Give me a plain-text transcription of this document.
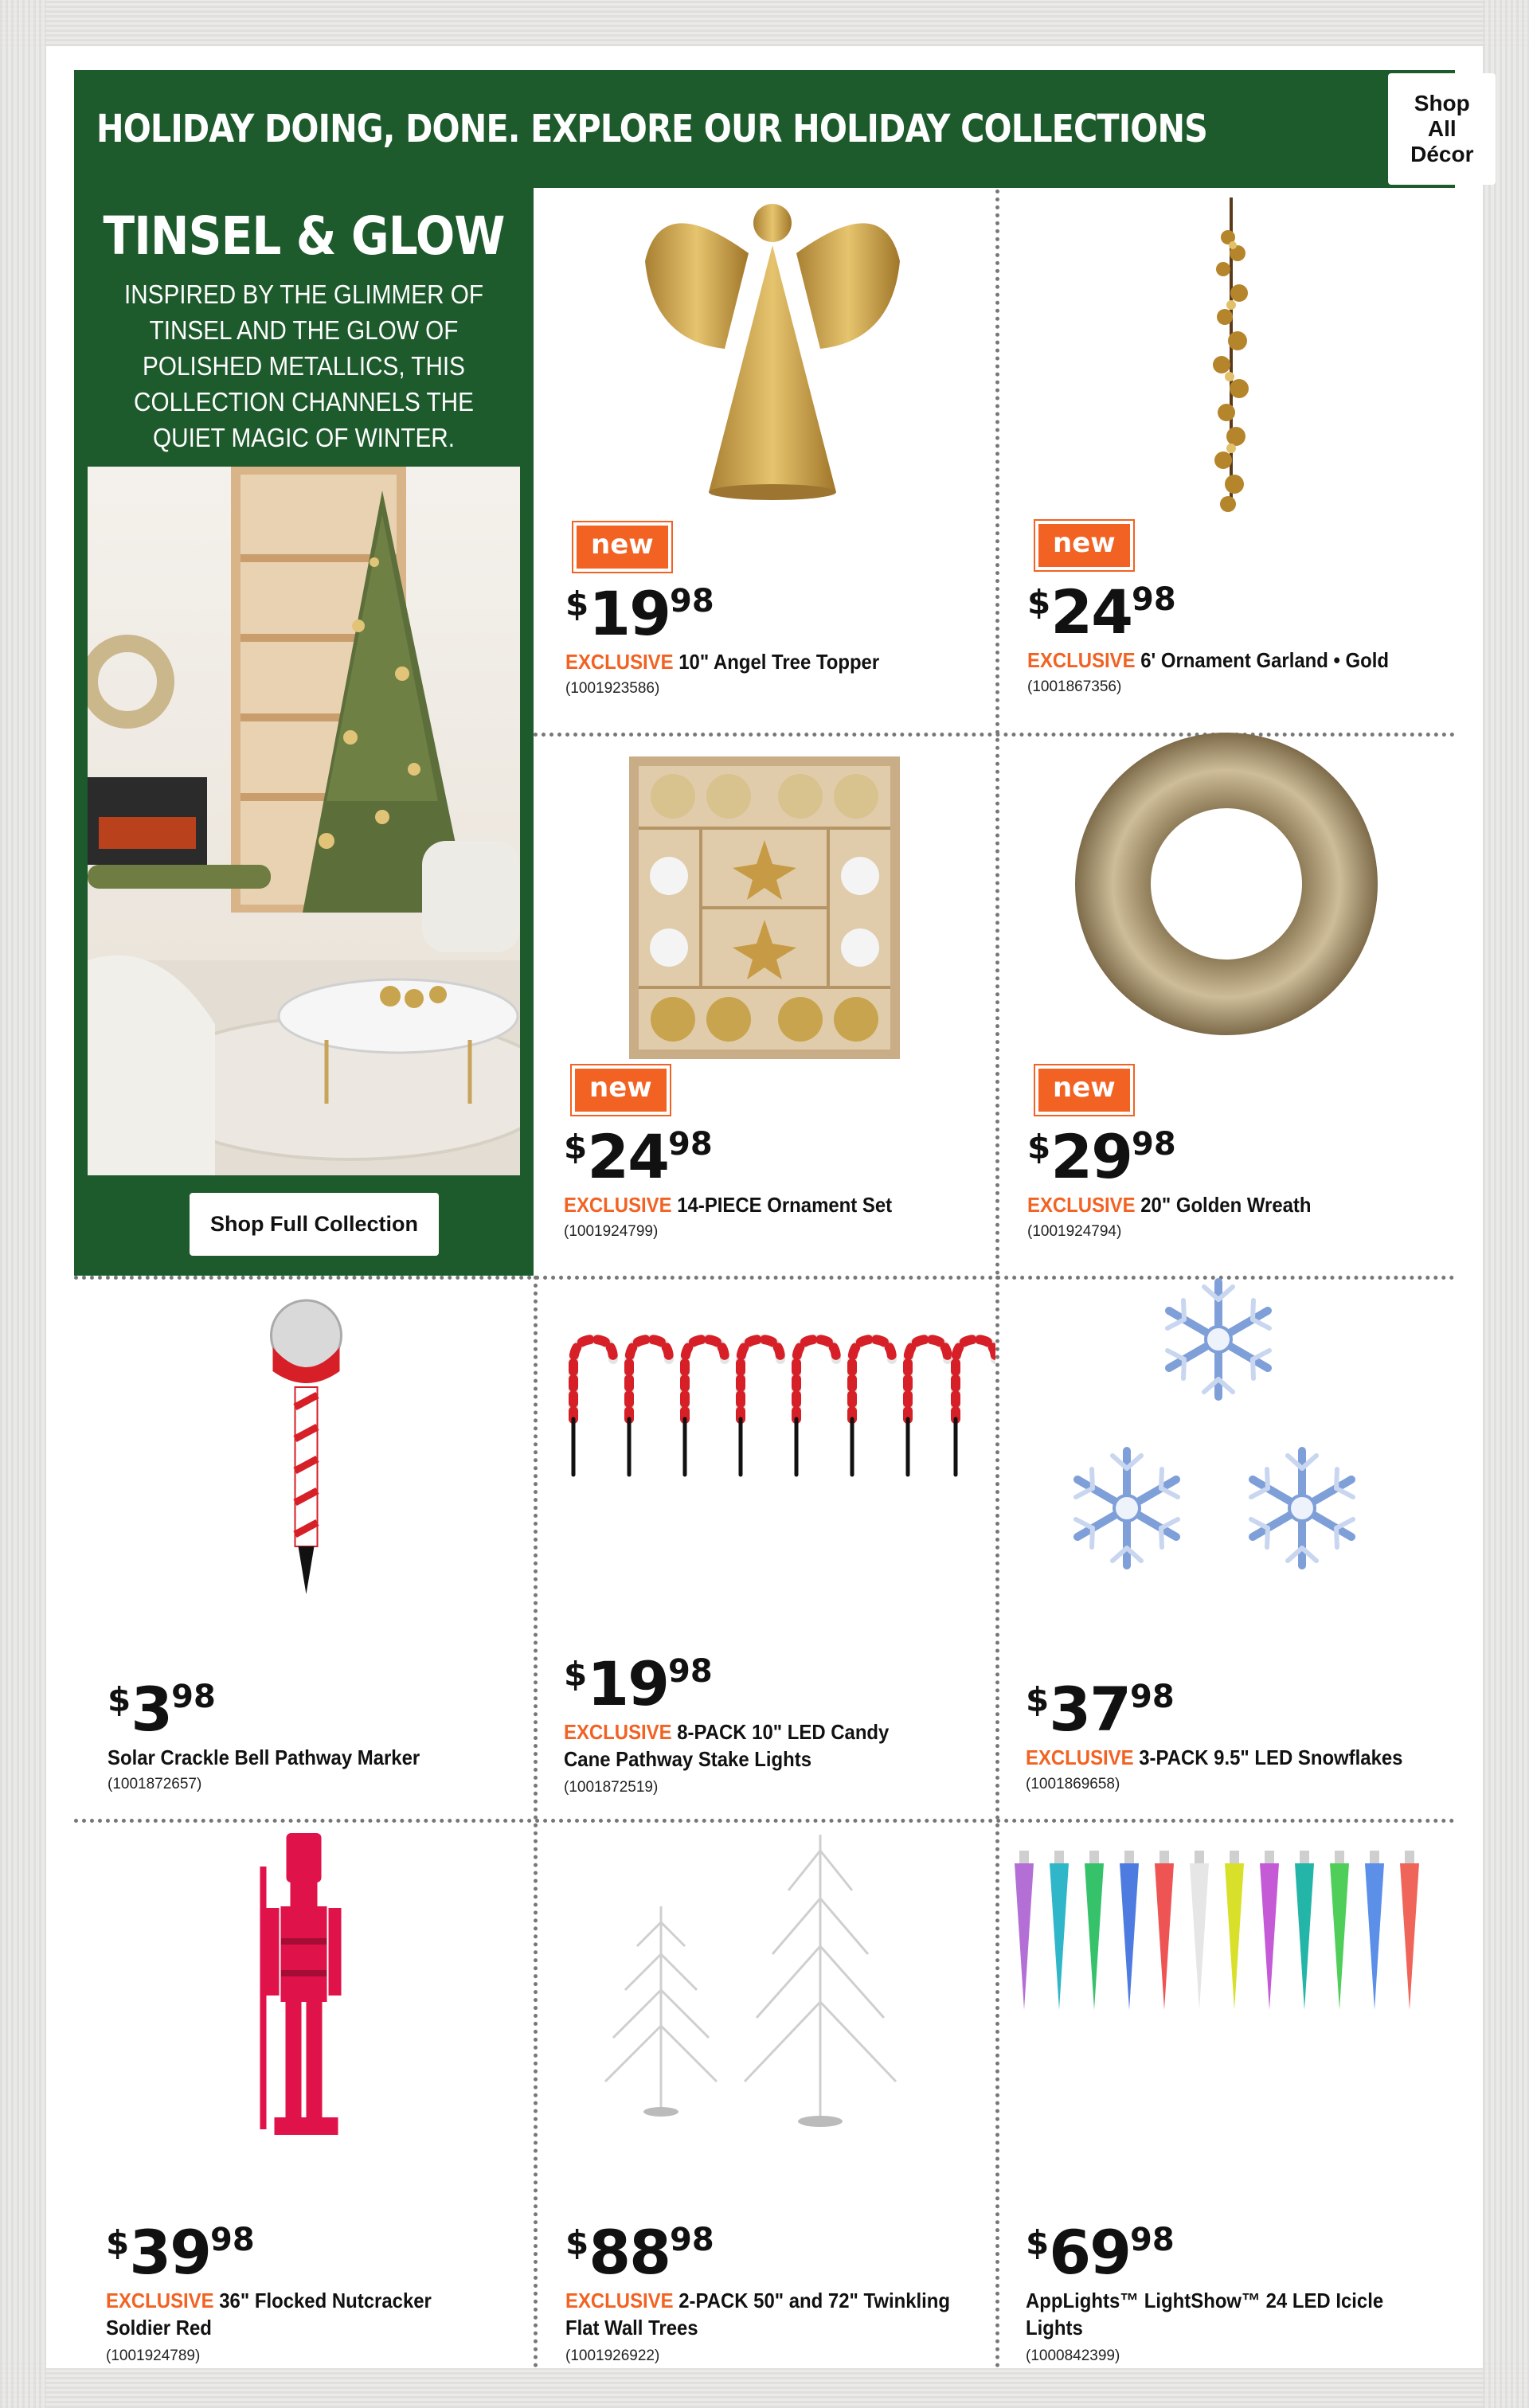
HOLIDAY DOING, DONE. EXPLORE OUR HOLIDAY COLLECTIONS
Shop All Décor
TINSEL & GLOW

INSPIRED BY THE GLIMMER OF TINSEL AND THE GLOW OF POLISHED METALLICS, THIS COLLECTION CHANNELS THE QUIET MAGIC OF WINTER.

Shop Full Collection
new
$1998
EXCLUSIVE 10" Angel Tree Topper
(1001923586)
new
$2498
EXCLUSIVE 6' Ornament Garland • Gold
(1001867356)
new
$2498
EXCLUSIVE 14-PIECE Ornament Set
(1001924799)
new
$2998
EXCLUSIVE 20" Golden Wreath
(1001924794)
$398
Solar Crackle Bell Pathway Marker
(1001872657)
$1998
EXCLUSIVE 8-PACK 10" LED Candy Cane Pathway Stake Lights
(1001872519)
$3798
EXCLUSIVE 3-PACK 9.5" LED Snowflakes
(1001869658)
$3998
EXCLUSIVE 36" Flocked Nutcracker Soldier Red
(1001924789)
$8898
EXCLUSIVE 2-PACK 50" and 72" Twinkling Flat Wall Trees
(1001926922)
$6998
AppLights™ LightShow™ 24 LED Icicle Lights
(1000842399)
